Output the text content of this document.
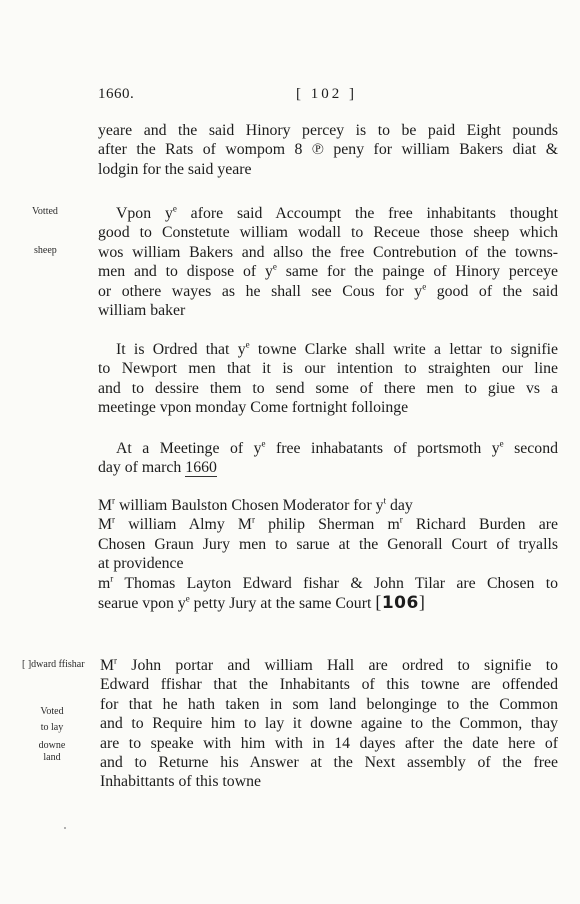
1660.	[ 102 ]
yeare and the said Hinory percey is to be paid Eight pounds
after the Rats of wompom 8 ℗ peny for william Bakers diat &
lodgin for the said yeare
Votted
sheep
Vpon $y^e$ afore said Accoumpt the free inhabitants thought
good to Constetute william wodall to Receue those sheep which
wos william Bakers and allso the free Contrebution of the towns-
men and to dispose of $y^e$ same for the painge of Hinory perceye
or othere wayes as he shall see Cous for $y^e$ good of the said
william baker
It is Ordred that $y^e$ towne Clarke shall write a lettar to signifie
to Newport men that it is our intention to straighten our line
and to dessire them to send some of there men to giue vs a
meetinge vpon monday Come fortnight folloinge
At a Meetinge of $y^e$ free inhabatants of portsmoth $y^e$ second
day of march 1660
$M^r$ william Baulston Chosen Moderator for $y^t$ day
$M^r$ william Almy $M^r$ philip Sherman $m^r$ Richard Burden are
Chosen Graun Jury men to sarue at the Genorall Court of tryalls
at providence
$m^r$ Thomas Layton Edward fishar & John Tilar are Chosen to
searue vpon $y^e$ petty Jury at the same Court [106]
[ ]dward ffishar
Voted
to lay
downe
land
$M^r$ John portar and william Hall are ordred to signifie to
Edward ffishar that the Inhabitants of this towne are offended
for that he hath taken in som land belonginge to the Common
and to Require him to lay it downe againe to the Common, thay
are to speake with him with in 14 dayes after the date here of
and to Returne his Answer at the Next assembly of the free
Inhabittants of this towne
